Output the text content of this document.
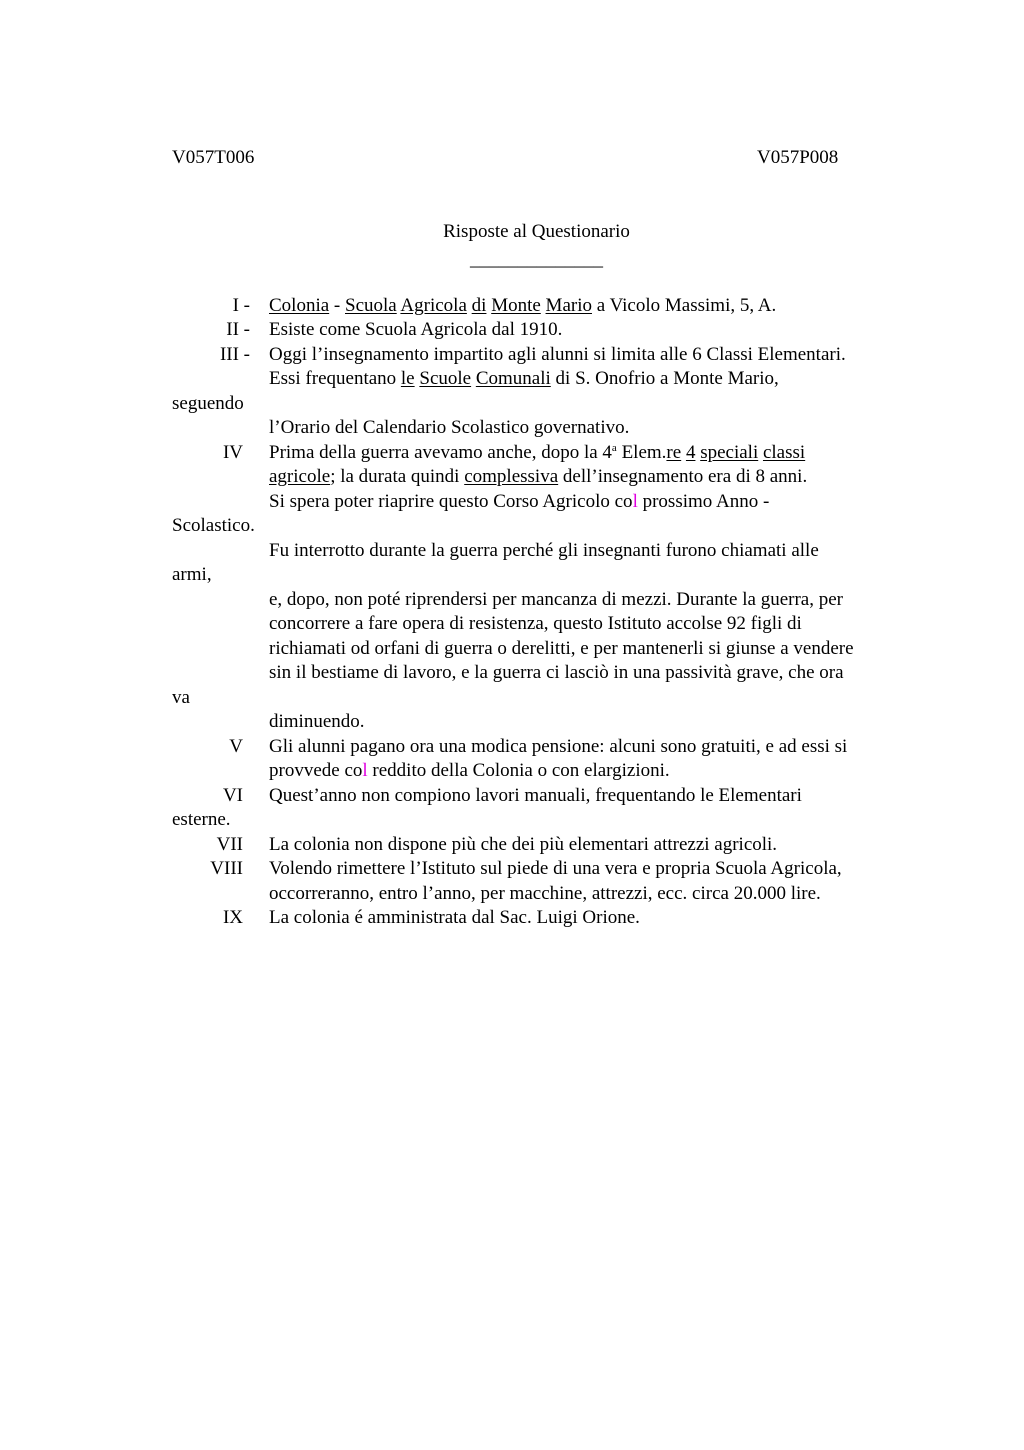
V057T006	V057P008
Risposte al Questionario
______________
I - Colonia - Scuola Agricola di Monte Mario a Vicolo Massimi, 5, A.
II - Esiste come Scuola Agricola dal 1910.
III - Oggi l’insegnamento impartito agli alunni si limita alle 6 Classi Elementari.
Essi frequentano le Scuole Comunali di S. Onofrio a Monte Mario,
seguendo
l’Orario del Calendario Scolastico governativo.
IV Prima della guerra avevamo anche, dopo la 4$^a$ Elem.re 4 speciali classi
agricole; la durata quindi complessiva dell’insegnamento era di 8 anni.
Si spera poter riaprire questo Corso Agricolo col prossimo Anno -
Scolastico.
Fu interrotto durante la guerra perché gli insegnanti furono chiamati alle
armi,
e, dopo, non poté riprendersi per mancanza di mezzi. Durante la guerra, per
concorrere a fare opera di resistenza, questo Istituto accolse 92 figli di
richiamati od orfani di guerra o derelitti, e per mantenerli si giunse a vendere
sin il bestiame di lavoro, e la guerra ci lasciò in una passività grave, che ora
va
diminuendo.
V Gli alunni pagano ora una modica pensione: alcuni sono gratuiti, e ad essi si
provvede col reddito della Colonia o con elargizioni.
VI Quest’anno non compiono lavori manuali, frequentando le Elementari
esterne.
VII La colonia non dispone più che dei più elementari attrezzi agricoli.
VIII Volendo rimettere l’Istituto sul piede di una vera e propria Scuola Agricola,
occorreranno, entro l’anno, per macchine, attrezzi, ecc. circa 20.000 lire.
IX La colonia é amministrata dal Sac. Luigi Orione.
